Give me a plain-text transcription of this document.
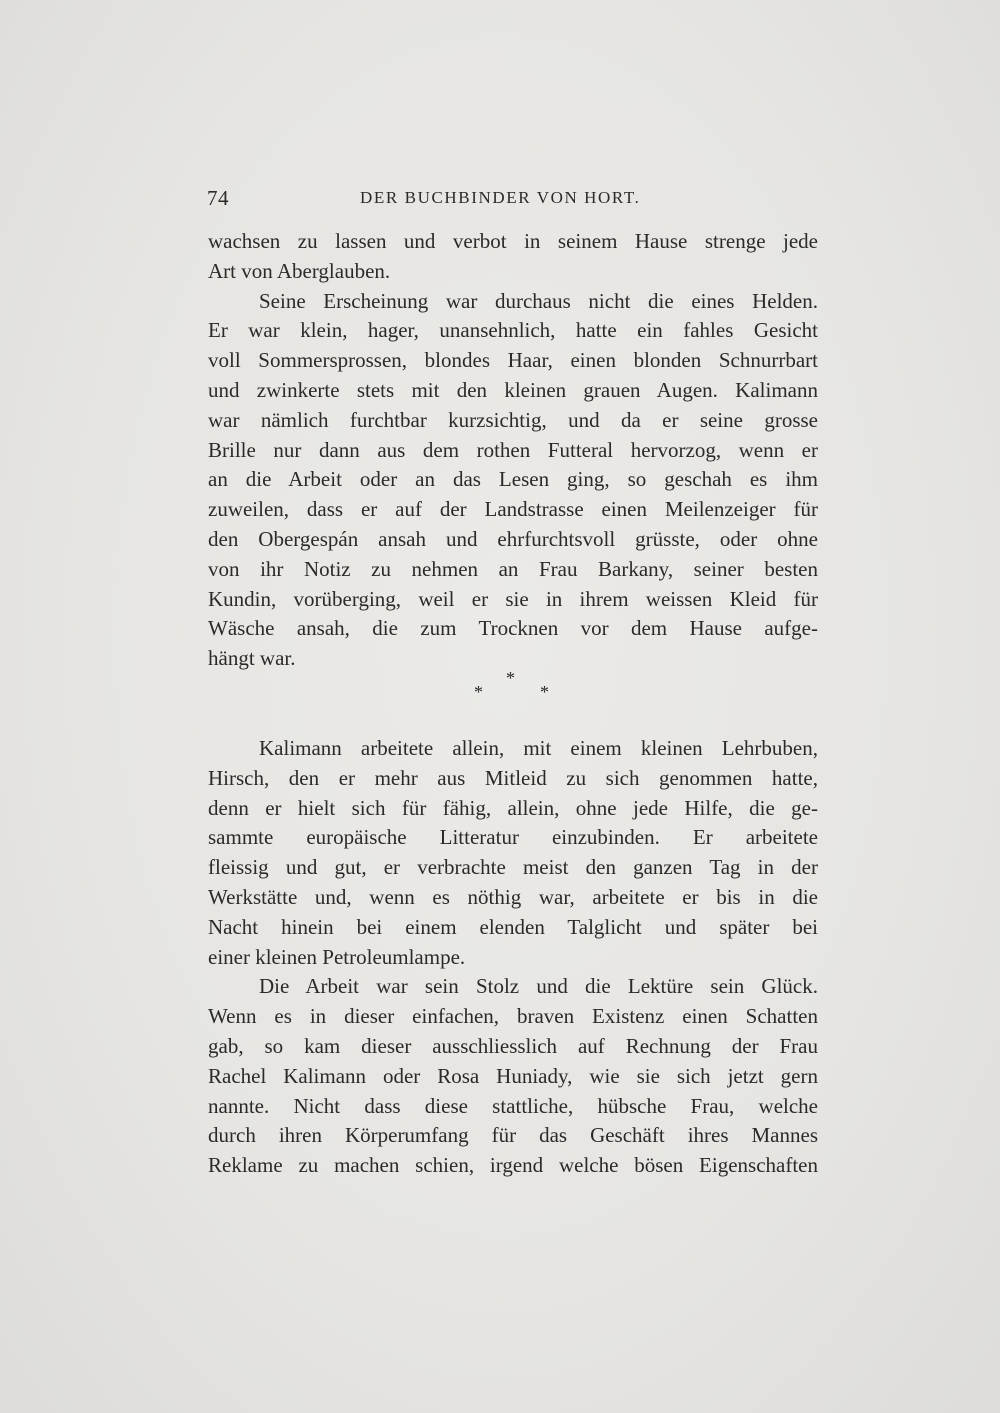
74	DER BUCHBINDER VON HORT.
wachsen zu lassen und verbot in seinem Hause strenge jede
Art von Aberglauben.
Seine Erscheinung war durchaus nicht die eines Helden.
Er war klein, hager, unansehnlich, hatte ein fahles Gesicht
voll Sommersprossen, blondes Haar, einen blonden Schnurrbart
und zwinkerte stets mit den kleinen grauen Augen. Kalimann
war nämlich furchtbar kurzsichtig, und da er seine grosse
Brille nur dann aus dem rothen Futteral hervorzog, wenn er
an die Arbeit oder an das Lesen ging, so geschah es ihm
zuweilen, dass er auf der Landstrasse einen Meilenzeiger für
den Obergespán ansah und ehrfurchtsvoll grüsste, oder ohne
von ihr Notiz zu nehmen an Frau Barkany, seiner besten
Kundin, vorüberging, weil er sie in ihrem weissen Kleid für
Wäsche ansah, die zum Trocknen vor dem Hause aufge-
hängt war.
*
*	*
Kalimann arbeitete allein, mit einem kleinen Lehrbuben,
Hirsch, den er mehr aus Mitleid zu sich genommen hatte,
denn er hielt sich für fähig, allein, ohne jede Hilfe, die ge-
sammte europäische Litteratur einzubinden. Er arbeitete
fleissig und gut, er verbrachte meist den ganzen Tag in der
Werkstätte und, wenn es nöthig war, arbeitete er bis in die
Nacht hinein bei einem elenden Talglicht und später bei
einer kleinen Petroleumlampe.
Die Arbeit war sein Stolz und die Lektüre sein Glück.
Wenn es in dieser einfachen, braven Existenz einen Schatten
gab, so kam dieser ausschliesslich auf Rechnung der Frau
Rachel Kalimann oder Rosa Huniady, wie sie sich jetzt gern
nannte. Nicht dass diese stattliche, hübsche Frau, welche
durch ihren Körperumfang für das Geschäft ihres Mannes
Reklame zu machen schien, irgend welche bösen Eigenschaften
